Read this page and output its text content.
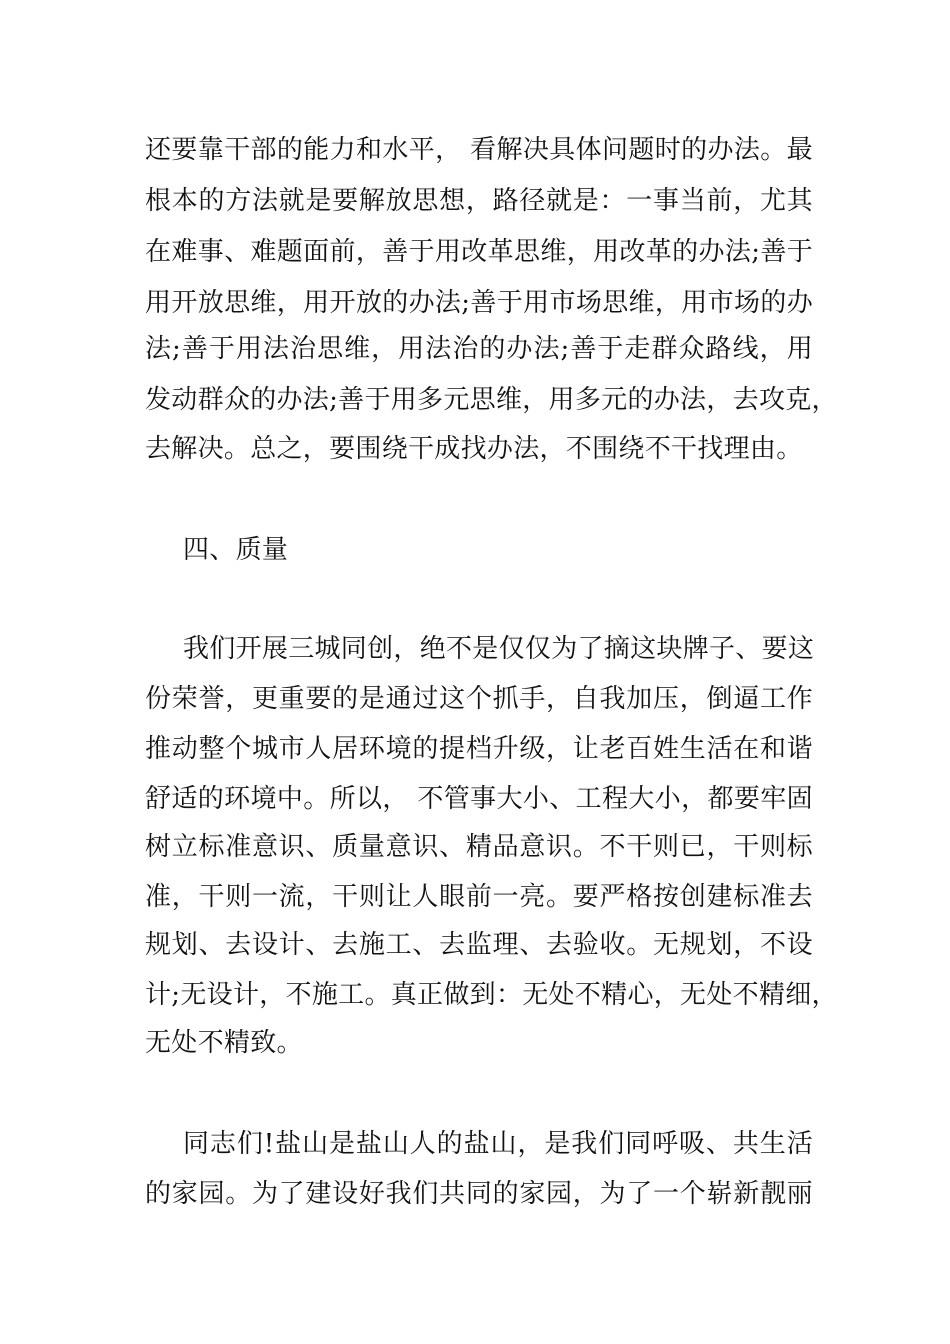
还要靠干部的能力和水平， 看解决具体问题时的办法。最
根本的方法就是要解放思想，路径就是：一事当前，尤其
在难事、难题面前，善于用改革思维，用改革的办法;善于
用开放思维，用开放的办法;善于用市场思维，用市场的办
法;善于用法治思维，用法治的办法;善于走群众路线，用
发动群众的办法;善于用多元思维，用多元的办法，去攻克，
去解决。总之，要围绕干成找办法，不围绕不干找理由。
四、质量
我们开展三城同创，绝不是仅仅为了摘这块牌子、要这
份荣誉，更重要的是通过这个抓手，自我加压，倒逼工作
推动整个城市人居环境的提档升级，让老百姓生活在和谐
舒适的环境中。所以， 不管事大小、工程大小，都要牢固
树立标准意识、质量意识、精品意识。不干则已，干则标
准，干则一流，干则让人眼前一亮。要严格按创建标准去
规划、去设计、去施工、去监理、去验收。无规划，不设
计;无设计，不施工。真正做到：无处不精心，无处不精细，
无处不精致。
同志们!盐山是盐山人的盐山，是我们同呼吸、共生活
的家园。为了建设好我们共同的家园，为了一个崭新靓丽
